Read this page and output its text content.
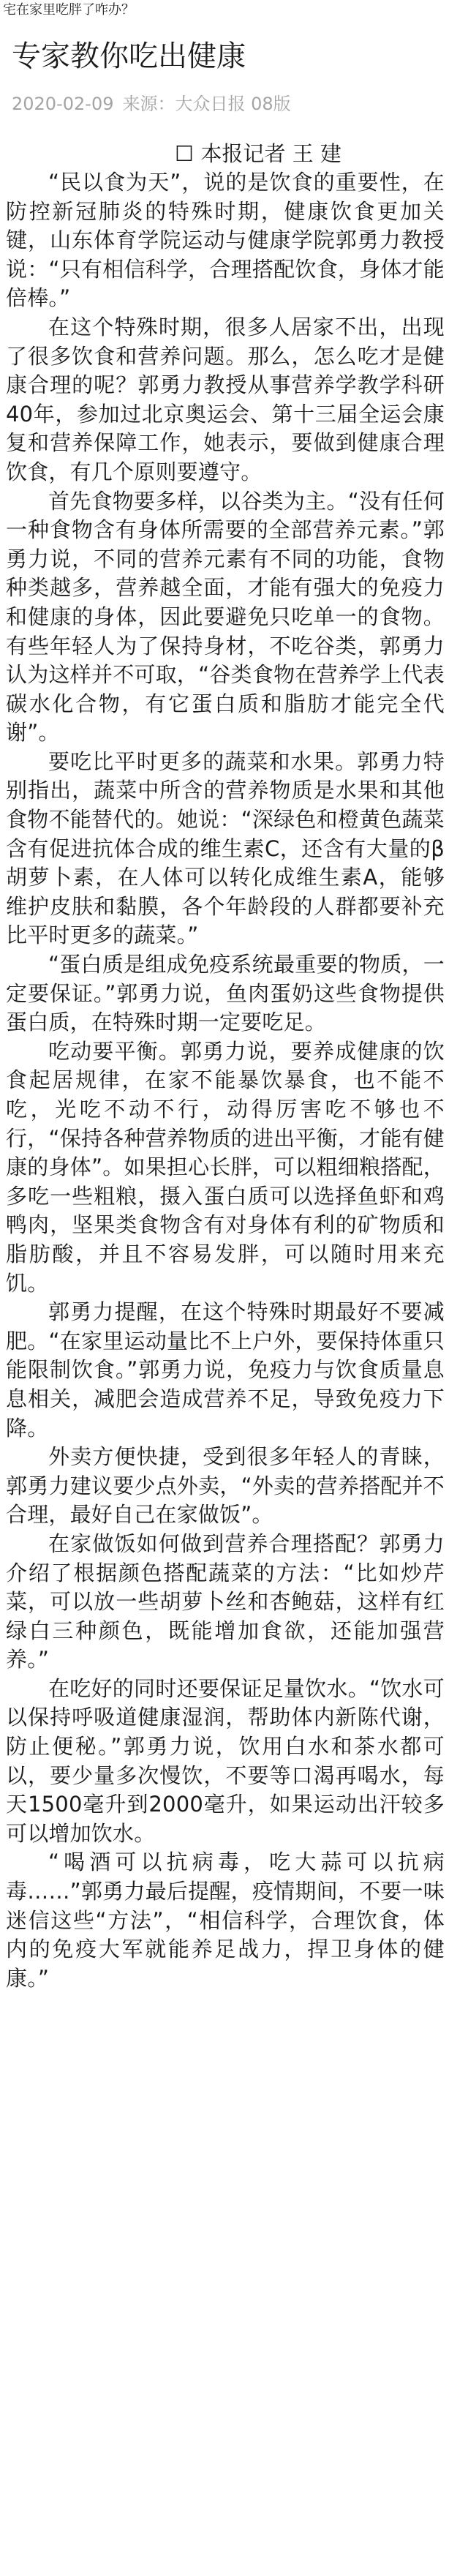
宅在家里吃胖了咋办？
专家教你吃出健康
2020-02-09 来源：大众日报 08版

☐ 本报记者 王 建

“民以食为天”，说的是饮食的重要性，在防控新冠肺炎的特殊时期，健康饮食更加关键，山东体育学院运动与健康学院郭勇力教授说：“只有相信科学，合理搭配饮食，身体才能倍棒。”

在这个特殊时期，很多人居家不出，出现了很多饮食和营养问题。那么，怎么吃才是健康合理的呢？郭勇力教授从事营养学教学科研40年，参加过北京奥运会、第十三届全运会康复和营养保障工作，她表示，要做到健康合理饮食，有几个原则要遵守。

首先食物要多样，以谷类为主。“没有任何一种食物含有身体所需要的全部营养元素。”郭勇力说，不同的营养元素有不同的功能，食物种类越多，营养越全面，才能有强大的免疫力和健康的身体，因此要避免只吃单一的食物。有些年轻人为了保持身材，不吃谷类，郭勇力认为这样并不可取，“谷类食物在营养学上代表碳水化合物，有它蛋白质和脂肪才能完全代谢”。

要吃比平时更多的蔬菜和水果。郭勇力特别指出，蔬菜中所含的营养物质是水果和其他食物不能替代的。她说：“深绿色和橙黄色蔬菜含有促进抗体合成的维生素C，还含有大量的β胡萝卜素，在人体可以转化成维生素A，能够维护皮肤和黏膜，各个年龄段的人群都要补充比平时更多的蔬菜。”

“蛋白质是组成免疫系统最重要的物质，一定要保证。”郭勇力说，鱼肉蛋奶这些食物提供蛋白质，在特殊时期一定要吃足。

吃动要平衡。郭勇力说，要养成健康的饮食起居规律，在家不能暴饮暴食，也不能不吃，光吃不动不行，动得厉害吃不够也不行，“保持各种营养物质的进出平衡，才能有健康的身体”。如果担心长胖，可以粗细粮搭配，多吃一些粗粮，摄入蛋白质可以选择鱼虾和鸡鸭肉，坚果类食物含有对身体有利的矿物质和脂肪酸，并且不容易发胖，可以随时用来充饥。

郭勇力提醒，在这个特殊时期最好不要减肥。“在家里运动量比不上户外，要保持体重只能限制饮食。”郭勇力说，免疫力与饮食质量息息相关，减肥会造成营养不足，导致免疫力下降。

外卖方便快捷，受到很多年轻人的青睐，郭勇力建议要少点外卖，“外卖的营养搭配并不合理，最好自己在家做饭”。

在家做饭如何做到营养合理搭配？郭勇力介绍了根据颜色搭配蔬菜的方法：“比如炒芹菜，可以放一些胡萝卜丝和杏鲍菇，这样有红绿白三种颜色，既能增加食欲，还能加强营养。”

在吃好的同时还要保证足量饮水。“饮水可以保持呼吸道健康湿润，帮助体内新陈代谢，防止便秘。”郭勇力说，饮用白水和茶水都可以，要少量多次慢饮，不要等口渴再喝水，每天1500毫升到2000毫升，如果运动出汗较多可以增加饮水。

“喝酒可以抗病毒，吃大蒜可以抗病毒……”郭勇力最后提醒，疫情期间，不要一味迷信这些“方法”，“相信科学，合理饮食，体内的免疫大军就能养足战力，捍卫身体的健康。”
